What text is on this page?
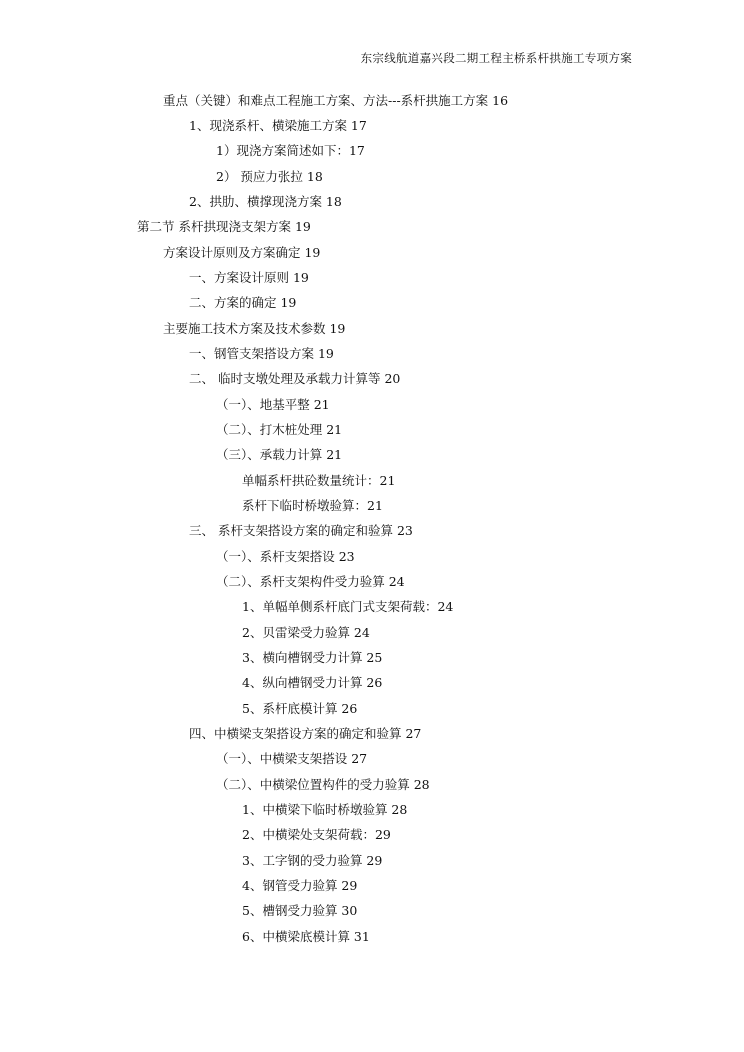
东宗线航道嘉兴段二期工程主桥系杆拱施工专项方案
重点（关键）和难点工程施工方案、方法---系杆拱施工方案 16
1、现浇系杆、横梁施工方案 17
1）现浇方案简述如下：17
2） 预应力张拉 18
2、拱肋、横撑现浇方案 18
第二节 系杆拱现浇支架方案 19
方案设计原则及方案确定 19
一、方案设计原则 19
二、方案的确定 19
主要施工技术方案及技术参数 19
一、钢管支架搭设方案 19
二、 临时支墩处理及承载力计算等 20
（一）、地基平整 21
（二）、打木桩处理 21
（三）、承载力计算 21
单幅系杆拱砼数量统计：21
系杆下临时桥墩验算：21
三、 系杆支架搭设方案的确定和验算 23
（一）、系杆支架搭设 23
（二）、系杆支架构件受力验算 24
1、单幅单侧系杆底门式支架荷载：24
2、贝雷梁受力验算 24
3、横向槽钢受力计算 25
4、纵向槽钢受力计算 26
5、系杆底模计算 26
四、中横梁支架搭设方案的确定和验算 27
（一）、中横梁支架搭设 27
（二）、中横梁位置构件的受力验算 28
1、中横梁下临时桥墩验算 28
2、中横梁处支架荷载：29
3、工字钢的受力验算 29
4、钢管受力验算 29
5、槽钢受力验算 30
6、中横梁底模计算 31
